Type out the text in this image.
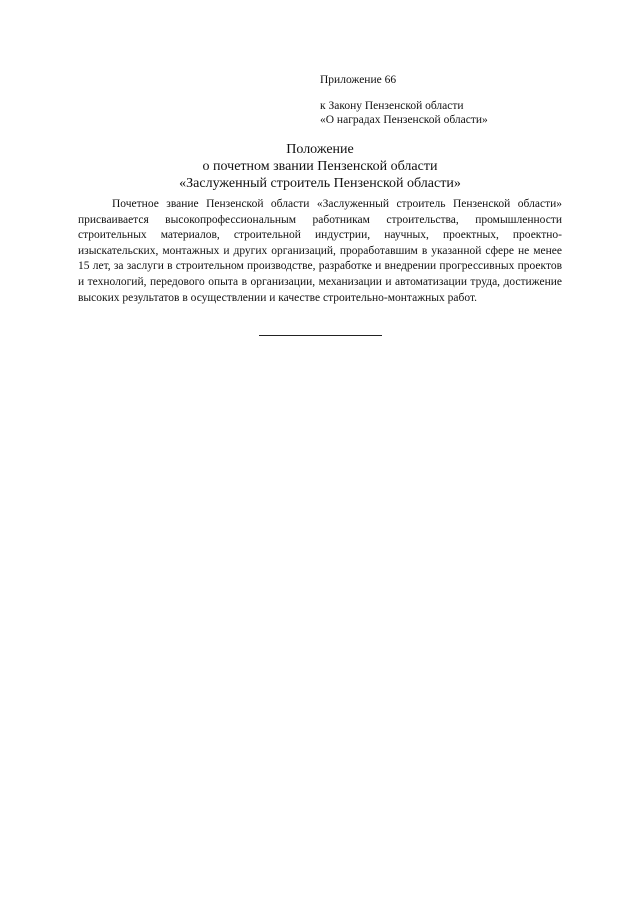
Приложение 66
к Закону Пензенской области
«О наградах Пензенской области»
Положение
о почетном звании Пензенской области
«Заслуженный строитель Пензенской области»

Почетное звание Пензенской области «Заслуженный строитель Пензенской области» присваивается высокопрофессиональным работникам строительства, промышленности строительных материалов, строительной индустрии, научных, проектных, проектно-изыскательских, монтажных и других организаций, проработавшим в указанной сфере не менее 15 лет, за заслуги в строительном производстве, разработке и внедрении прогрессивных проектов и технологий, передового опыта в организации, механизации и автоматизации труда, достижение высоких результатов в осуществлении и качестве строительно-монтажных работ.
